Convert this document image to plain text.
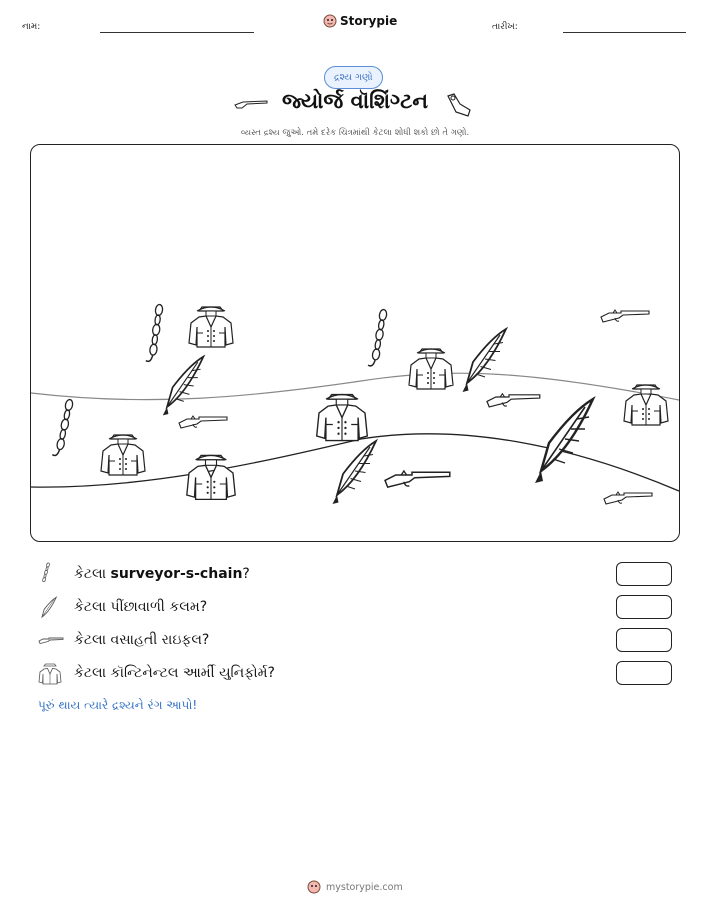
નામ:	Storypie	તારીખ:
દ્રશ્ય ગણો
જ્યોર્જ વૉશિંગ્ટન
વ્યસ્ત દ્રશ્ય જુઓ. તમે દરેક ચિત્રમાંથી કેટલા શોધી શકો છો તે ગણો.
કેટલા surveyor-s-chain?
કેટલા પીંછાવાળી કલમ?
કેટલા વસાહતી રાઇફલ?
કેટલા કૉન્ટિનેન્ટલ આર્મી યુનિફોર્મ?
પૂરું થાય ત્યારે દ્રશ્યને રંગ આપો!
mystorypie.com
